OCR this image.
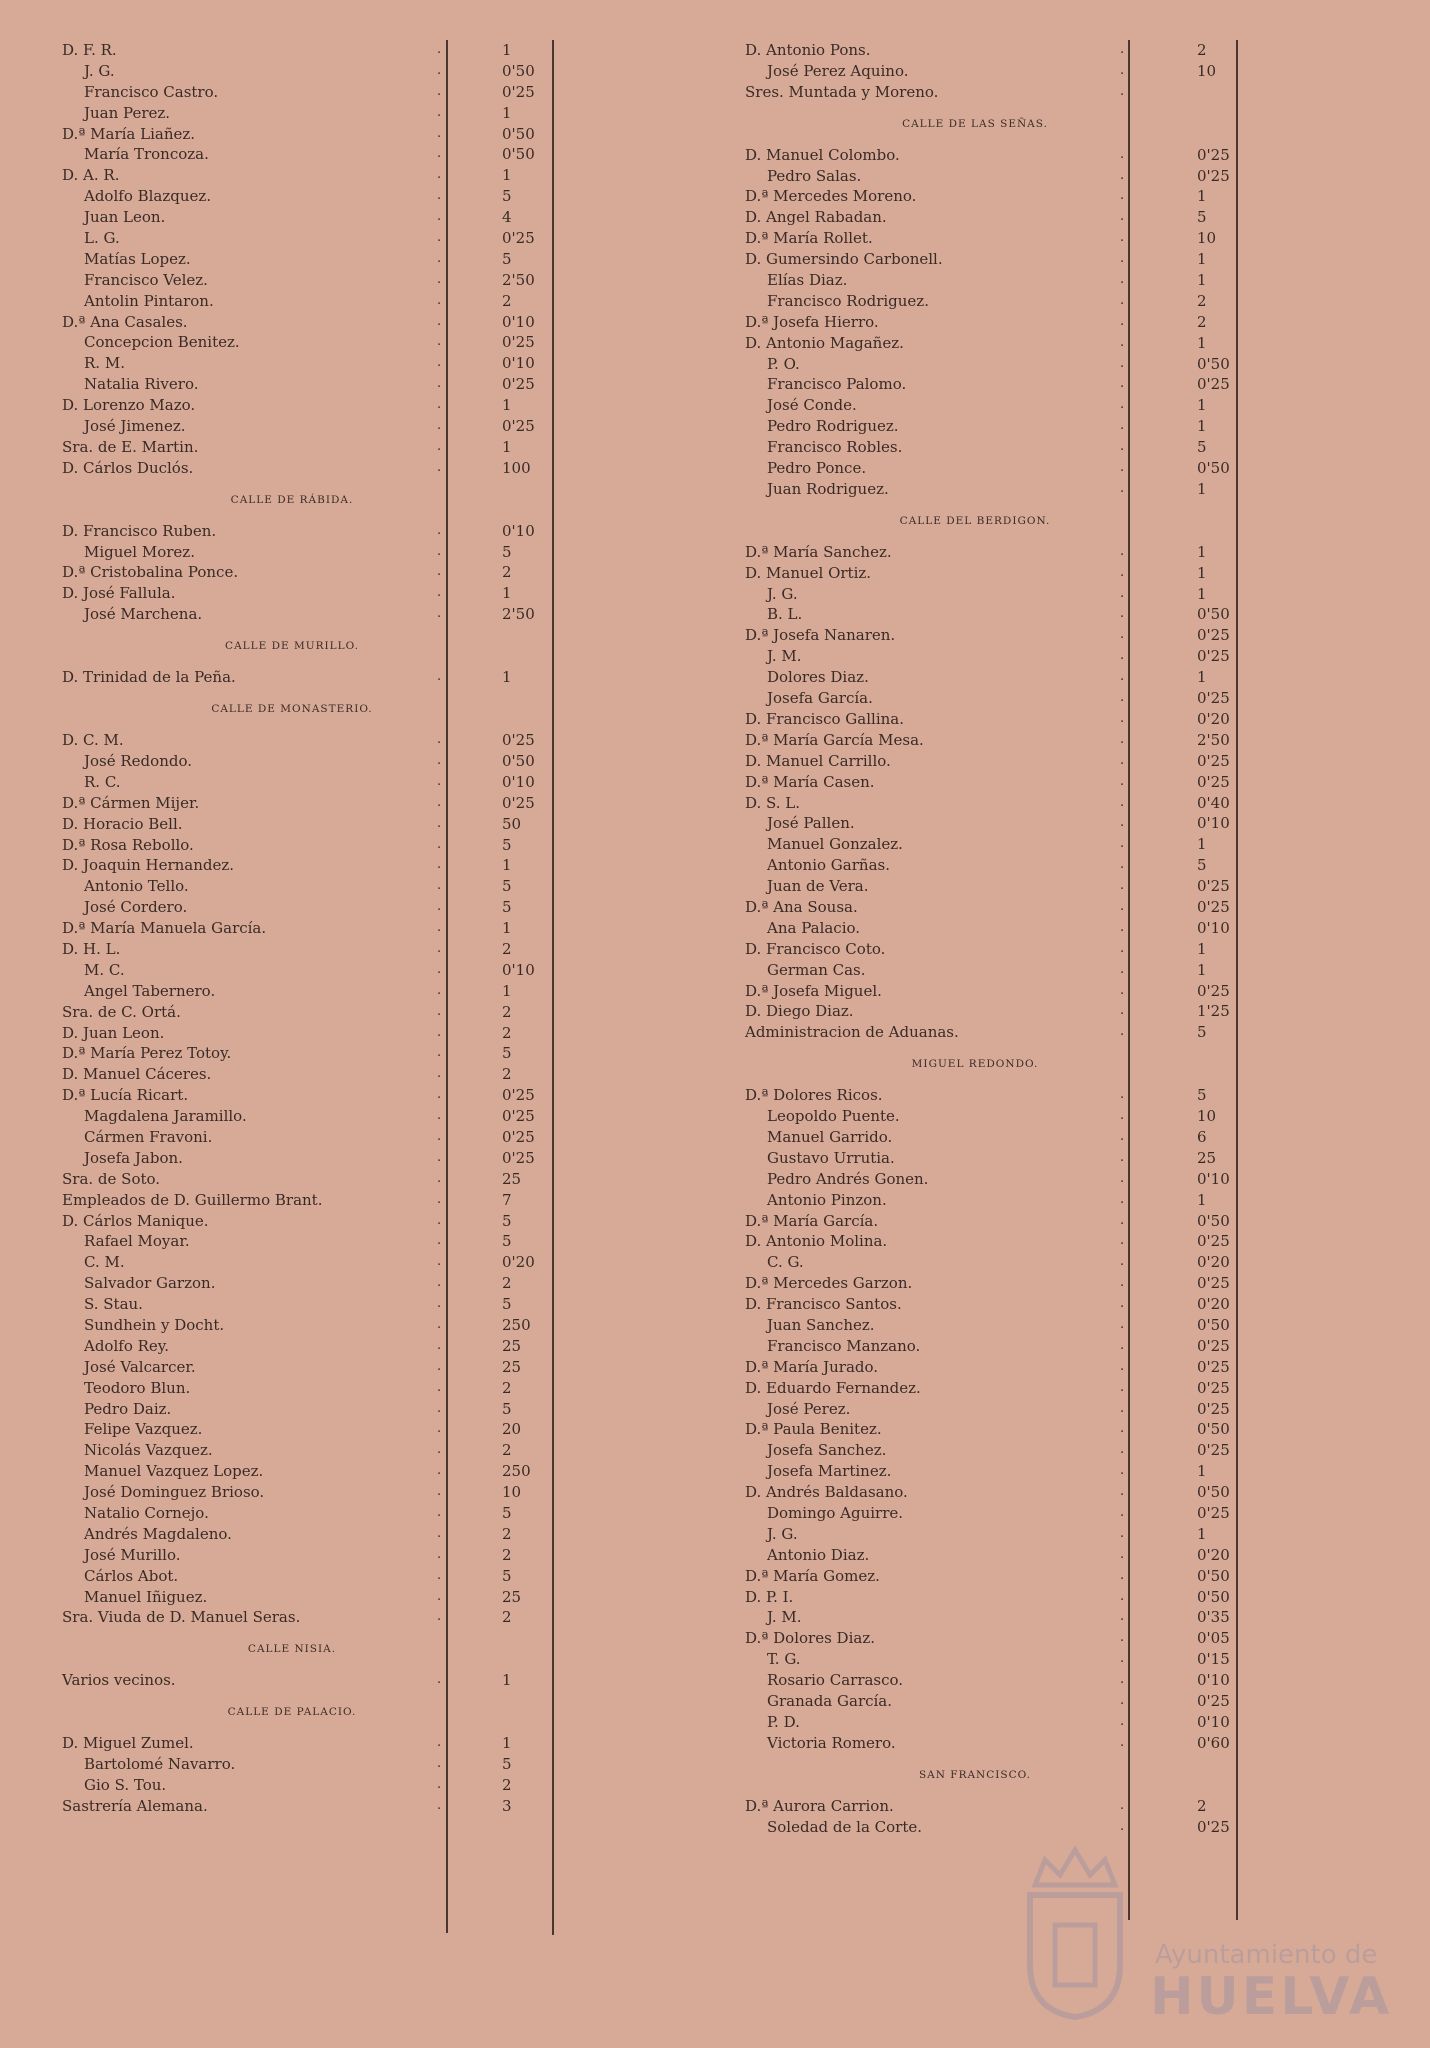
D. F. R.	.	1
J. G.	.	0'50
Francisco Castro.	.	0'25
Juan Perez.	.	1
D.ª María Liañez.	.	0'50
María Troncoza.	.	0'50
D. A. R.	.	1
Adolfo Blazquez.	.	5
Juan Leon.	.	4
L. G.	.	0'25
Matías Lopez.	.	5
Francisco Velez.	.	2'50
Antolin Pintaron.	.	2
D.ª Ana Casales.	.	0'10
Concepcion Benitez.	.	0'25
R. M.	.	0'10
Natalia Rivero.	.	0'25
D. Lorenzo Mazo.	.	1
José Jimenez.	.	0'25
Sra. de E. Martin.	.	1
D. Cárlos Duclós.	.	100
CALLE DE RÁBIDA.
D. Francisco Ruben.	.	0'10
Miguel Morez.	.	5
D.ª Cristobalina Ponce.	.	2
D. José Fallula.	.	1
José Marchena.	.	2'50
CALLE DE MURILLO.
D. Trinidad de la Peña.	.	1
CALLE DE MONASTERIO.
D. C. M.	.	0'25
José Redondo.	.	0'50
R. C.	.	0'10
D.ª Cármen Mijer.	.	0'25
D. Horacio Bell.	.	50
D.ª Rosa Rebollo.	.	5
D. Joaquin Hernandez.	.	1
Antonio Tello.	.	5
José Cordero.	.	5
D.ª María Manuela García.	.	1
D. H. L.	.	2
M. C.	.	0'10
Angel Tabernero.	.	1
Sra. de C. Ortá.	.	2
D. Juan Leon.	.	2
D.ª María Perez Totoy.	.	5
D. Manuel Cáceres.	.	2
D.ª Lucía Ricart.	.	0'25
Magdalena Jaramillo.	.	0'25
Cármen Fravoni.	.	0'25
Josefa Jabon.	.	0'25
Sra. de Soto.	.	25
Empleados de D. Guillermo Brant.	.	7
D. Cárlos Manique.	.	5
Rafael Moyar.	.	5
C. M.	.	0'20
Salvador Garzon.	.	2
S. Stau.	.	5
Sundhein y Docht.	.	250
Adolfo Rey.	.	25
José Valcarcer.	.	25
Teodoro Blun.	.	2
Pedro Daiz.	.	5
Felipe Vazquez.	.	20
Nicolás Vazquez.	.	2
Manuel Vazquez Lopez.	.	250
José Dominguez Brioso.	.	10
Natalio Cornejo.	.	5
Andrés Magdaleno.	.	2
José Murillo.	.	2
Cárlos Abot.	.	5
Manuel Iñiguez.	.	25
Sra. Viuda de D. Manuel Seras.	.	2
CALLE NISIA.
Varios vecinos.	.	1
CALLE DE PALACIO.
D. Miguel Zumel.	.	1
Bartolomé Navarro.	.	5
Gio S. Tou.	.	2
Sastrería Alemana.	.	3
D. Antonio Pons.	.	2
José Perez Aquino.	.	10
Sres. Muntada y Moreno.	.
CALLE DE LAS SEÑAS.
D. Manuel Colombo.	.	0'25
Pedro Salas.	.	0'25
D.ª Mercedes Moreno.	.	1
D. Angel Rabadan.	.	5
D.ª María Rollet.	.	10
D. Gumersindo Carbonell.	.	1
Elías Diaz.	.	1
Francisco Rodriguez.	.	2
D.ª Josefa Hierro.	.	2
D. Antonio Magañez.	.	1
P. O.	.	0'50
Francisco Palomo.	.	0'25
José Conde.	.	1
Pedro Rodriguez.	.	1
Francisco Robles.	.	5
Pedro Ponce.	.	0'50
Juan Rodriguez.	.	1
CALLE DEL BERDIGON.
D.ª María Sanchez.	.	1
D. Manuel Ortiz.	.	1
J. G.	.	1
B. L.	.	0'50
D.ª Josefa Nanaren.	.	0'25
J. M.	.	0'25
Dolores Diaz.	.	1
Josefa García.	.	0'25
D. Francisco Gallina.	.	0'20
D.ª María García Mesa.	.	2'50
D. Manuel Carrillo.	.	0'25
D.ª María Casen.	.	0'25
D. S. L.	.	0'40
José Pallen.	.	0'10
Manuel Gonzalez.	.	1
Antonio Garñas.	.	5
Juan de Vera.	.	0'25
D.ª Ana Sousa.	.	0'25
Ana Palacio.	.	0'10
D. Francisco Coto.	.	1
German Cas.	.	1
D.ª Josefa Miguel.	.	0'25
D. Diego Diaz.	.	1'25
Administracion de Aduanas.	.	5
MIGUEL REDONDO.
D.ª Dolores Ricos.	.	5
Leopoldo Puente.	.	10
Manuel Garrido.	.	6
Gustavo Urrutia.	.	25
Pedro Andrés Gonen.	.	0'10
Antonio Pinzon.	.	1
D.ª María García.	.	0'50
D. Antonio Molina.	.	0'25
C. G.	.	0'20
D.ª Mercedes Garzon.	.	0'25
D. Francisco Santos.	.	0'20
Juan Sanchez.	.	0'50
Francisco Manzano.	.	0'25
D.ª María Jurado.	.	0'25
D. Eduardo Fernandez.	.	0'25
José Perez.	.	0'25
D.ª Paula Benitez.	.	0'50
Josefa Sanchez.	.	0'25
Josefa Martinez.	.	1
D. Andrés Baldasano.	.	0'50
Domingo Aguirre.	.	0'25
J. G.	.	1
Antonio Diaz.	.	0'20
D.ª María Gomez.	.	0'50
D. P. I.	.	0'50
J. M.	.	0'35
D.ª Dolores Diaz.	.	0'05
T. G.	.	0'15
Rosario Carrasco.	.	0'10
Granada García.	.	0'25
P. D.	.	0'10
Victoria Romero.	.	0'60
SAN FRANCISCO.
D.ª Aurora Carrion.	.	2
Soledad de la Corte.	.	0'25
Ayuntamiento de
HUELVA
